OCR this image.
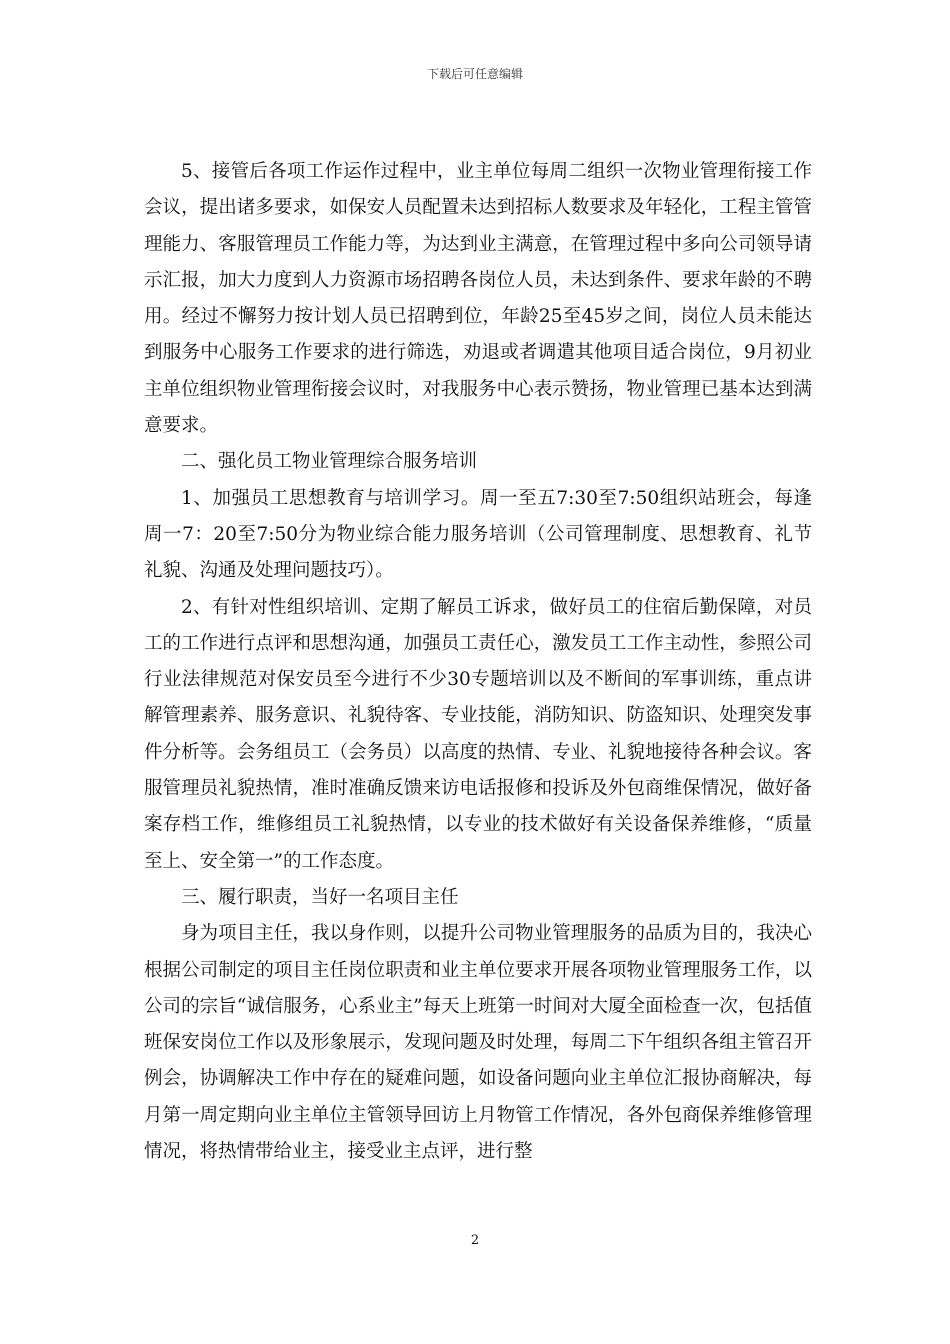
下载后可任意编辑

5、接管后各项工作运作过程中，业主单位每周二组织一次物业管理衔接工作会议，提出诸多要求，如保安人员配置未达到招标人数要求及年轻化，工程主管管理能力、客服管理员工作能力等，为达到业主满意，在管理过程中多向公司领导请示汇报，加大力度到人力资源市场招聘各岗位人员，未达到条件、要求年龄的不聘用。经过不懈努力按计划人员已招聘到位，年龄25至45岁之间，岗位人员未能达到服务中心服务工作要求的进行筛选，劝退或者调遣其他项目适合岗位，9月初业主单位组织物业管理衔接会议时，对我服务中心表示赞扬，物业管理已基本达到满意要求。

二、强化员工物业管理综合服务培训

1、加强员工思想教育与培训学习。周一至五7:30至7:50组织站班会，每逢周一7：20至7:50分为物业综合能力服务培训（公司管理制度、思想教育、礼节礼貌、沟通及处理问题技巧）。

2、有针对性组织培训、定期了解员工诉求，做好员工的住宿后勤保障，对员工的工作进行点评和思想沟通，加强员工责任心，激发员工工作主动性，参照公司行业法律规范对保安员至今进行不少30专题培训以及不断间的军事训练，重点讲解管理素养、服务意识、礼貌待客、专业技能，消防知识、防盗知识、处理突发事件分析等。会务组员工（会务员）以高度的热情、专业、礼貌地接待各种会议。客服管理员礼貌热情，准时准确反馈来访电话报修和投诉及外包商维保情况，做好备案存档工作，维修组员工礼貌热情，以专业的技术做好有关设备保养维修，“质量至上、安全第一”的工作态度。

三、履行职责，当好一名项目主任

身为项目主任，我以身作则，以提升公司物业管理服务的品质为目的，我决心根据公司制定的项目主任岗位职责和业主单位要求开展各项物业管理服务工作，以公司的宗旨“诚信服务，心系业主”每天上班第一时间对大厦全面检查一次，包括值班保安岗位工作以及形象展示，发现问题及时处理，每周二下午组织各组主管召开例会，协调解决工作中存在的疑难问题，如设备问题向业主单位汇报协商解决，每月第一周定期向业主单位主管领导回访上月物管工作情况，各外包商保养维修管理情况，将热情带给业主，接受业主点评，进行整

2
